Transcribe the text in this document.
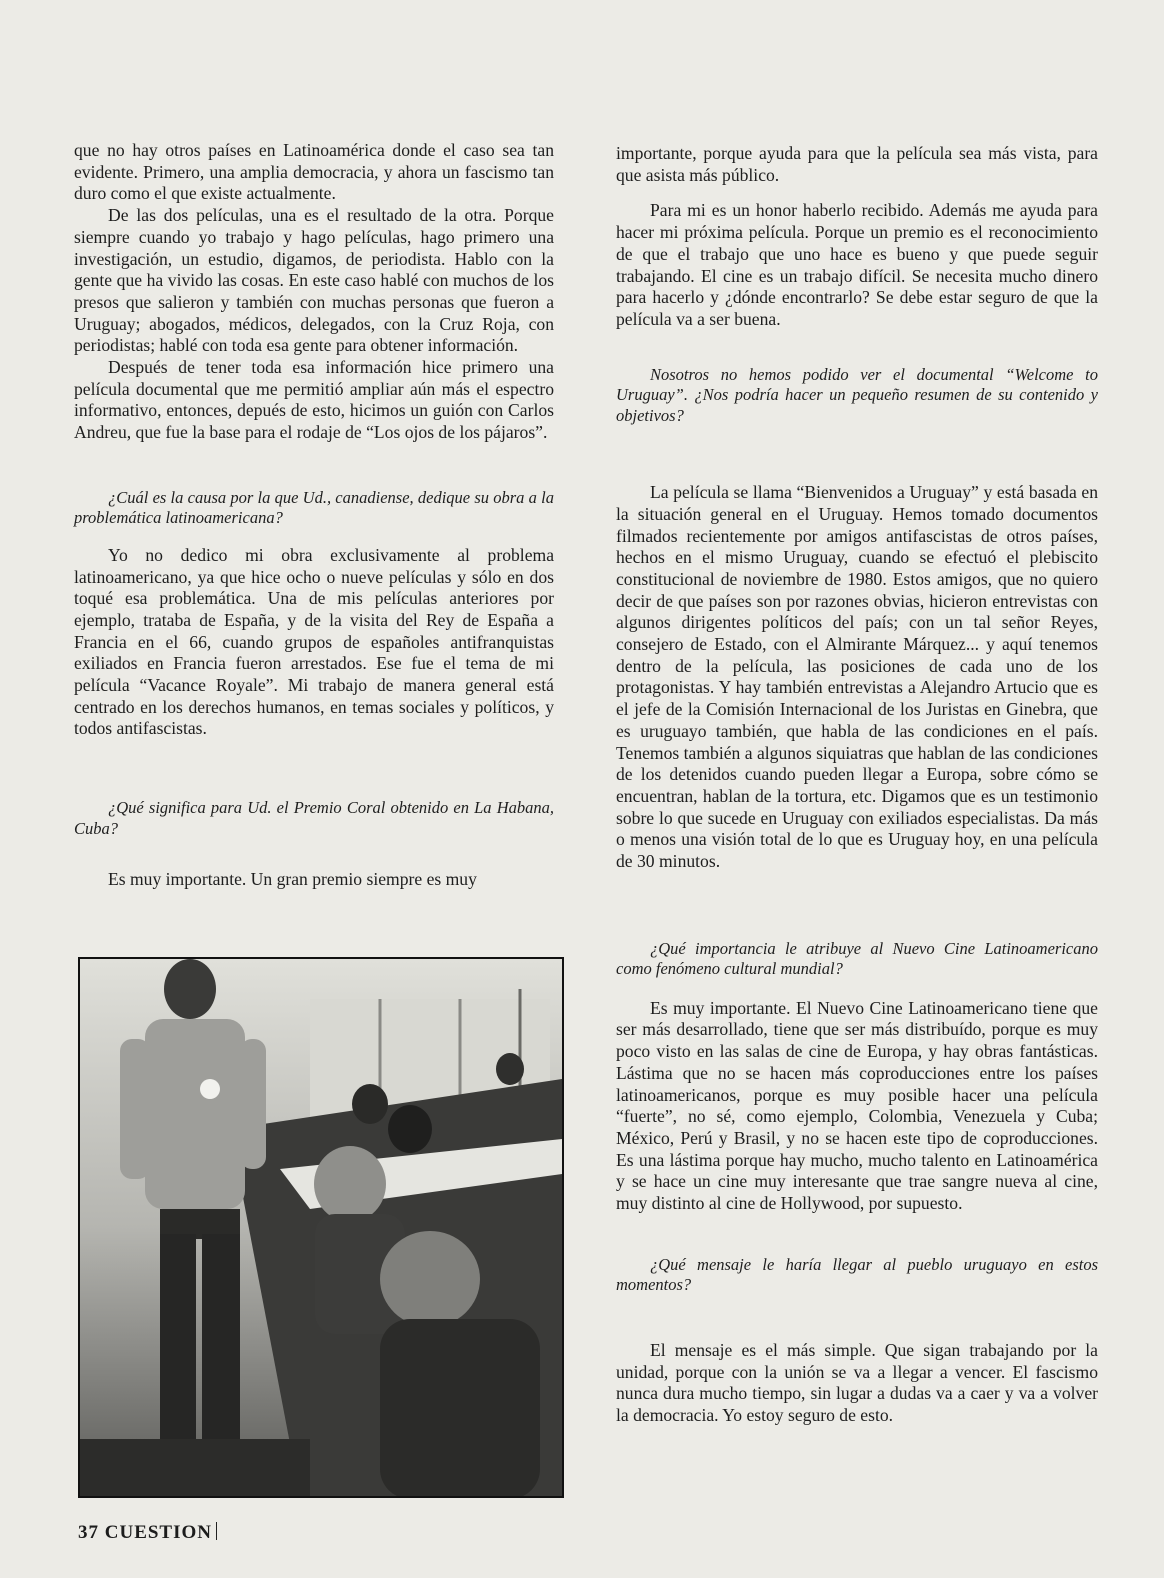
que no hay otros países en Latinoamérica donde el caso sea tan evidente. Primero, una amplia democracia, y ahora un fascismo tan duro como el que existe actualmente.

De las dos películas, una es el resultado de la otra. Porque siempre cuando yo trabajo y hago películas, hago primero una investigación, un estudio, digamos, de periodista. Hablo con la gente que ha vivido las cosas. En este caso hablé con muchos de los presos que salieron y también con muchas personas que fueron a Uruguay; abogados, médicos, delegados, con la Cruz Roja, con periodistas; hablé con toda esa gente para obtener información.

Después de tener toda esa información hice primero una película documental que me permitió ampliar aún más el espectro informativo, entonces, depués de esto, hicimos un guión con Carlos Andreu, que fue la base para el rodaje de “Los ojos de los pájaros”.

¿Cuál es la causa por la que Ud., canadiense, dedique su obra a la problemática latinoamericana?

Yo no dedico mi obra exclusivamente al problema latinoamericano, ya que hice ocho o nueve películas y sólo en dos toqué esa problemática. Una de mis películas anteriores por ejemplo, trataba de España, y de la visita del Rey de España a Francia en el 66, cuando grupos de españoles antifranquistas exiliados en Francia fueron arrestados. Ese fue el tema de mi película “Vacance Royale”. Mi trabajo de manera general está centrado en los derechos humanos, en temas sociales y políticos, y todos antifascistas.

¿Qué significa para Ud. el Premio Coral obtenido en La Habana, Cuba?

Es muy importante. Un gran premio siempre es muy

importante, porque ayuda para que la película sea más vista, para que asista más público.

Para mi es un honor haberlo recibido. Además me ayuda para hacer mi próxima película. Porque un premio es el reconocimiento de que el trabajo que uno hace es bueno y que puede seguir trabajando. El cine es un trabajo difícil. Se necesita mucho dinero para hacerlo y ¿dónde encontrarlo? Se debe estar seguro de que la película va a ser buena.

Nosotros no hemos podido ver el documental “Welcome to Uruguay”. ¿Nos podría hacer un pequeño resumen de su contenido y objetivos?

La película se llama “Bienvenidos a Uruguay” y está basada en la situación general en el Uruguay. Hemos tomado documentos filmados recientemente por amigos antifascistas de otros países, hechos en el mismo Uruguay, cuando se efectuó el plebiscito constitucional de noviembre de 1980. Estos amigos, que no quiero decir de que países son por razones obvias, hicieron entrevistas con algunos dirigentes políticos del país; con un tal señor Reyes, consejero de Estado, con el Almirante Márquez... y aquí tenemos dentro de la película, las posiciones de cada uno de los protagonistas. Y hay también entrevistas a Alejandro Artucio que es el jefe de la Comisión Internacional de los Juristas en Ginebra, que es uruguayo también, que habla de las condiciones en el país. Tenemos también a algunos siquiatras que hablan de las condiciones de los detenidos cuando pueden llegar a Europa, sobre cómo se encuentran, hablan de la tortura, etc. Digamos que es un testimonio sobre lo que sucede en Uruguay con exiliados especialistas. Da más o menos una visión total de lo que es Uruguay hoy, en una película de 30 minutos.

¿Qué importancia le atribuye al Nuevo Cine Latinoamericano como fenómeno cultural mundial?

Es muy importante. El Nuevo Cine Latinoamericano tiene que ser más desarrollado, tiene que ser más distribuído, porque es muy poco visto en las salas de cine de Europa, y hay obras fantásticas. Lástima que no se hacen más coproducciones entre los países latinoamericanos, porque es muy posible hacer una película “fuerte”, no sé, como ejemplo, Colombia, Venezuela y Cuba; México, Perú y Brasil, y no se hacen este tipo de coproducciones. Es una lástima porque hay mucho, mucho talento en Latinoamérica y se hace un cine muy interesante que trae sangre nueva al cine, muy distinto al cine de Hollywood, por supuesto.

¿Qué mensaje le haría llegar al pueblo uruguayo en estos momentos?

El mensaje es el más simple. Que sigan trabajando por la unidad, porque con la unión se va a llegar a vencer. El fascismo nunca dura mucho tiempo, sin lugar a dudas va a caer y va a volver la democracia. Yo estoy seguro de esto.

37 CUESTION
